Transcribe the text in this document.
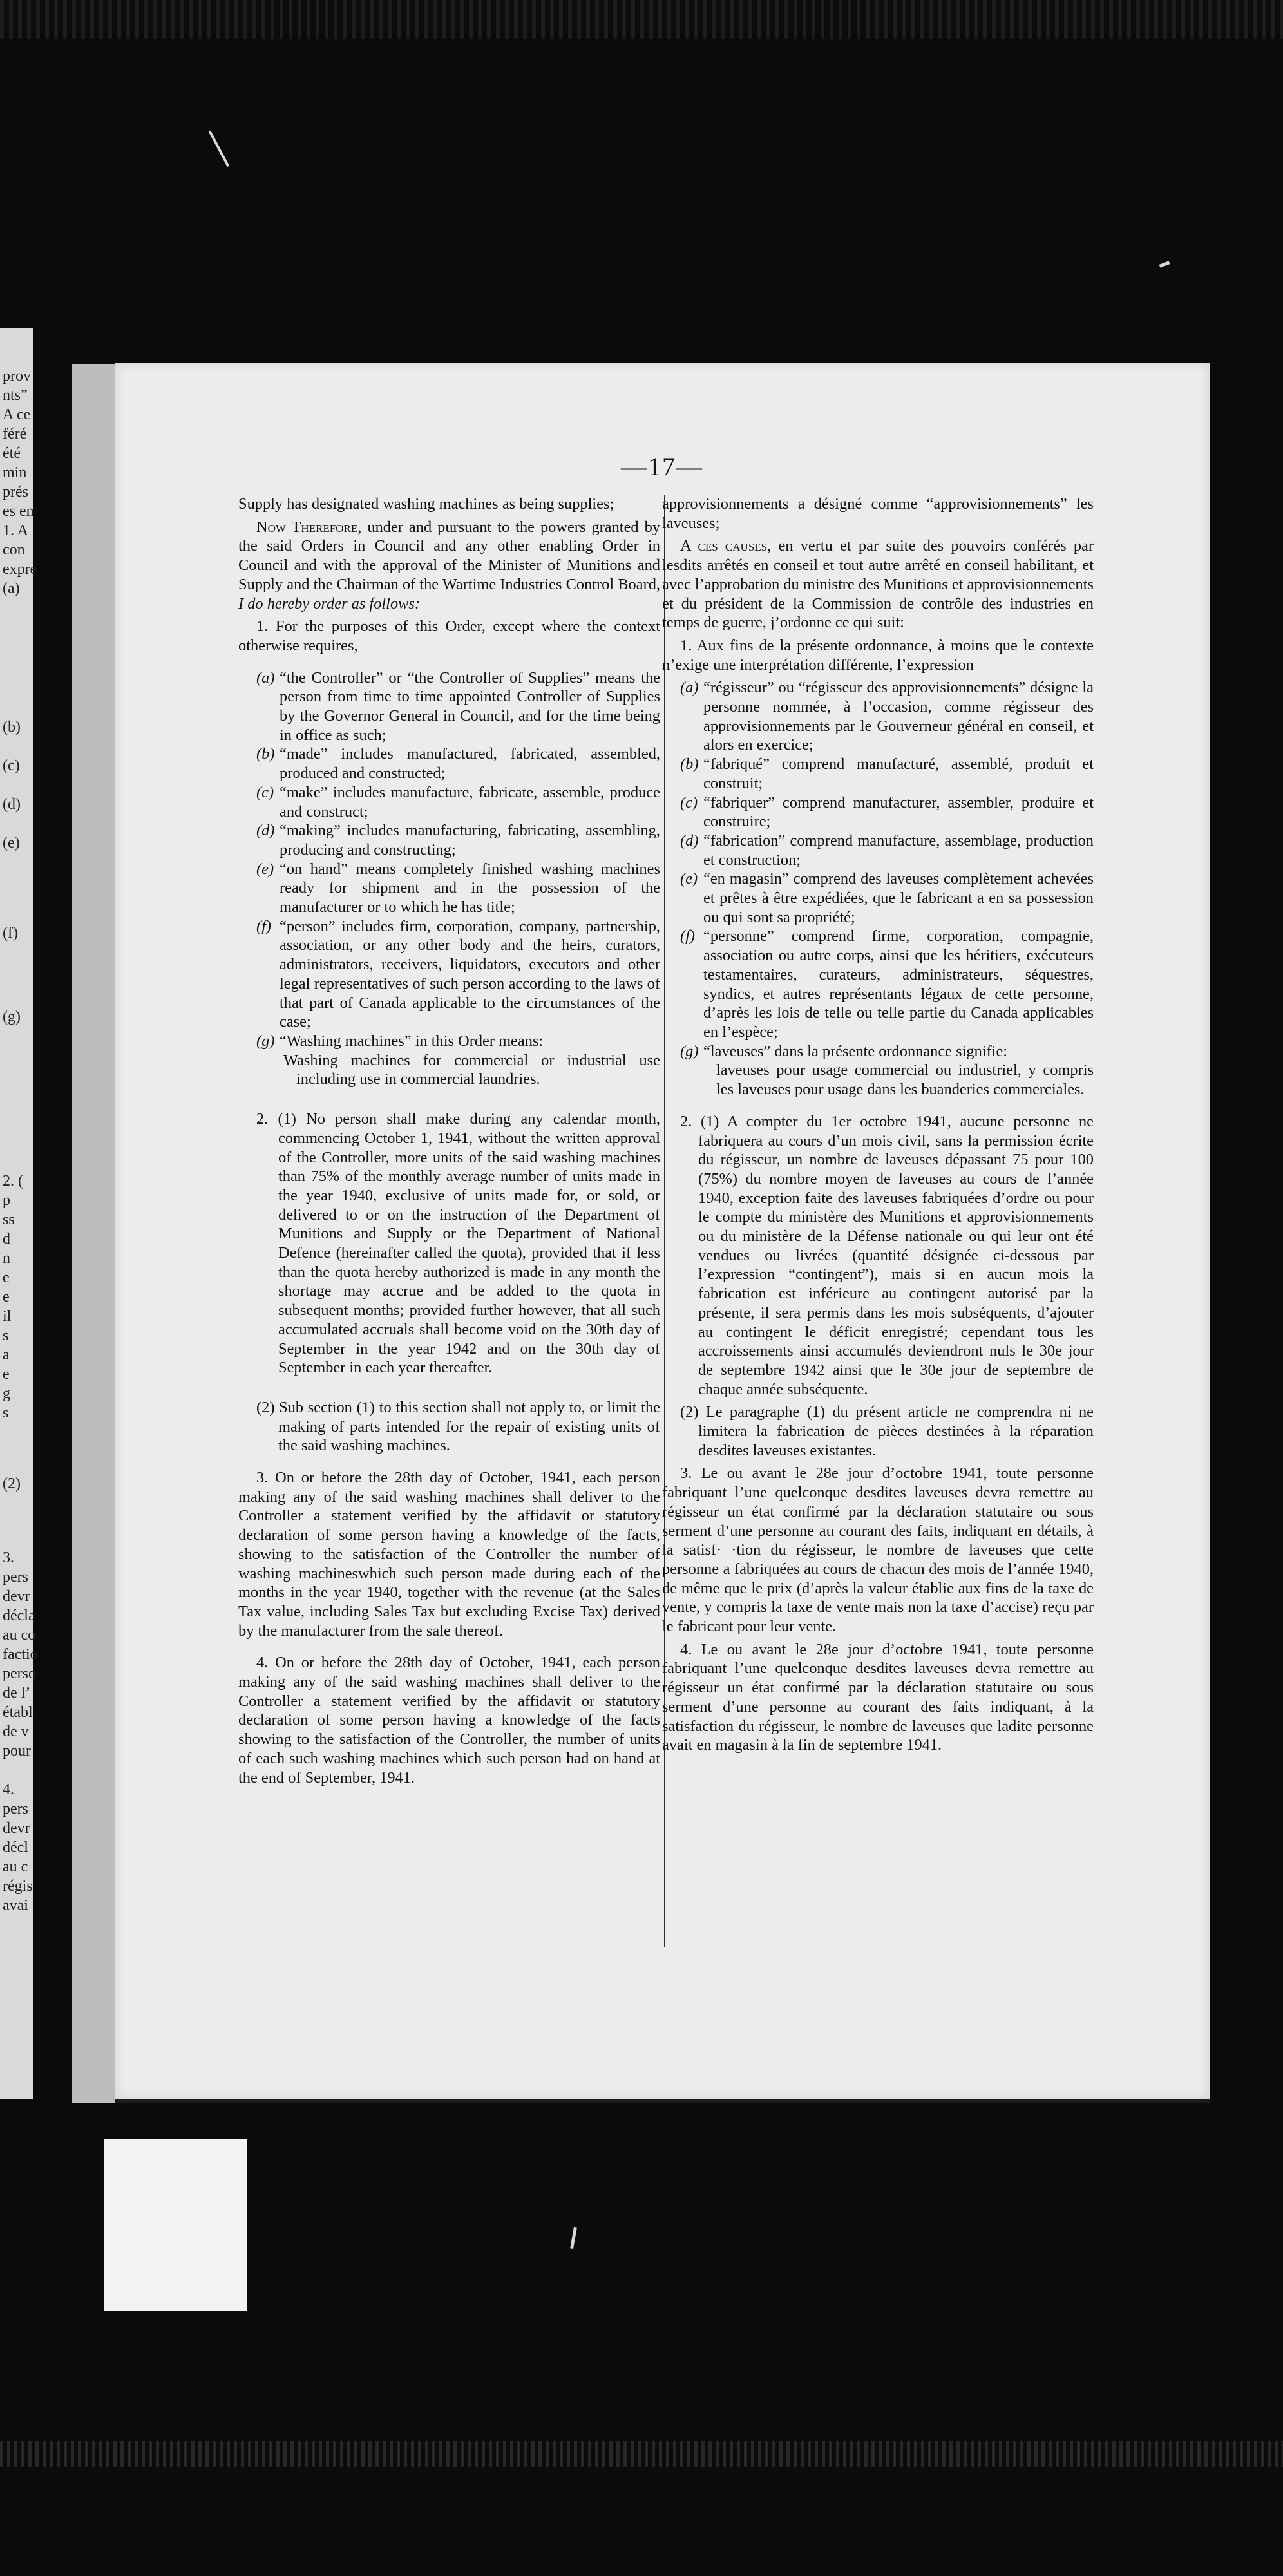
prov
nts”
A ce
féré
été
min
prés
es en
1. A
con
expre
(a)
(b)
(c)
(d)
(e)
(f)
(g)
2. (
p
ss
d
n
e
e
il
s
a
e
g
s
(2)
3.
pers
devr
décla
au co
factio
perso
de l’
établ
de v
pour
4.
pers
devr
décl
au c
régis
avai
—17—

Supply has designated washing machines as being supplies;

Now Therefore, under and pursuant to the powers granted by the said Orders in Council and any other enabling Order in Council and with the approval of the Minister of Munitions and Supply and the Chairman of the Wartime Industries Control Board, I do hereby order as follows:

1. For the purposes of this Order, except where the context otherwise requires,

(a) “the Controller” or “the Controller of Supplies” means the person from time to time appointed Controller of Supplies by the Governor General in Council, and for the time being in office as such;

(b) “made” includes manufactured, fabricated, assembled, produced and constructed;

(c) “make” includes manufacture, fabricate, assemble, produce and construct;

(d) “making” includes manufacturing, fabricating, assembling, producing and constructing;

(e) “on hand” means completely finished washing machines ready for shipment and in the possession of the manufacturer or to which he has title;

(f) “person” includes firm, corporation, company, partnership, association, or any other body and the heirs, curators, administrators, receivers, liquidators, executors and other legal representatives of such person according to the laws of that part of Canada applicable to the circumstances of the case;

(g) “Washing machines” in this Order means:

Washing machines for commercial or industrial use including use in commercial laundries.

2. (1) No person shall make during any calendar month, commencing October 1, 1941, without the written approval of the Controller, more units of the said washing machines than 75% of the monthly average number of units made in the year 1940, exclusive of units made for, or sold, or delivered to or on the instruction of the Department of Munitions and Supply or the Department of National Defence (hereinafter called the quota), provided that if less than the quota hereby authorized is made in any month the shortage may accrue and be added to the quota in subsequent months; provided further however, that all such accumulated accruals shall become void on the 30th day of September in the year 1942 and on the 30th day of September in each year thereafter.

(2) Sub section (1) to this section shall not apply to, or limit the making of parts intended for the repair of existing units of the said washing machines.

3. On or before the 28th day of October, 1941, each person making any of the said washing machines shall deliver to the Controller a statement verified by the affidavit or statutory declaration of some person having a knowledge of the facts, showing to the satisfaction of the Controller the number of washing machineswhich such person made during each of the months in the year 1940, together with the revenue (at the Sales Tax value, including Sales Tax but excluding Excise Tax) derived by the manufacturer from the sale thereof.

4. On or before the 28th day of October, 1941, each person making any of the said washing machines shall deliver to the Controller a statement verified by the affidavit or statutory declaration of some person having a knowledge of the facts showing to the satisfaction of the Controller, the number of units of each such washing machines which such person had on hand at the end of September, 1941.

approvisionnements a désigné comme “approvisionnements” les laveuses;

A ces causes, en vertu et par suite des pouvoirs conférés par lesdits arrêtés en conseil et tout autre arrêté en conseil habilitant, et avec l’approbation du ministre des Munitions et approvisionnements et du président de la Commission de contrôle des industries en temps de guerre, j’ordonne ce qui suit:

1. Aux fins de la présente ordonnance, à moins que le contexte n’exige une interprétation différente, l’expression

(a) “régisseur” ou “régisseur des approvisionnements” désigne la personne nommée, à l’occasion, comme régisseur des approvisionnements par le Gouverneur général en conseil, et alors en exercice;

(b) “fabriqué” comprend manufacturé, assemblé, produit et construit;

(c) “fabriquer” comprend manufacturer, assembler, produire et construire;

(d) “fabrication” comprend manufacture, assemblage, production et construction;

(e) “en magasin” comprend des laveuses complètement achevées et prêtes à être expédiées, que le fabricant a en sa possession ou qui sont sa propriété;

(f) “personne” comprend firme, corporation, compagnie, association ou autre corps, ainsi que les héritiers, exécuteurs testamentaires, curateurs, administrateurs, séquestres, syndics, et autres représentants légaux de cette personne, d’après les lois de telle ou telle partie du Canada applicables en l’espèce;

(g) “laveuses” dans la présente ordonnance signifie:

laveuses pour usage commercial ou industriel, y compris les laveuses pour usage dans les buanderies commerciales.

2. (1) A compter du 1er octobre 1941, aucune personne ne fabriquera au cours d’un mois civil, sans la permission écrite du régisseur, un nombre de laveuses dépassant 75 pour 100 (75%) du nombre moyen de laveuses au cours de l’année 1940, exception faite des laveuses fabriquées d’ordre ou pour le compte du ministère des Munitions et approvisionnements ou du ministère de la Défense nationale ou qui leur ont été vendues ou livrées (quantité désignée ci-dessous par l’expression “contingent”), mais si en aucun mois la fabrication est inférieure au contingent autorisé par la présente, il sera permis dans les mois subséquents, d’ajouter au contingent le déficit enregistré; cependant tous les accroissements ainsi accumulés deviendront nuls le 30e jour de septembre 1942 ainsi que le 30e jour de septembre de chaque année subséquente.

(2) Le paragraphe (1) du présent article ne comprendra ni ne limitera la fabrication de pièces destinées à la réparation desdites laveuses existantes.

3. Le ou avant le 28e jour d’octobre 1941, toute personne fabriquant l’une quelconque desdites laveuses devra remettre au régisseur un état confirmé par la déclaration statutaire ou sous serment d’une personne au courant des faits, indiquant en détails, à la satisf· ·tion du régisseur, le nombre de laveuses que cette personne a fabriquées au cours de chacun des mois de l’année 1940, de même que le prix (d’après la valeur établie aux fins de la taxe de vente, y compris la taxe de vente mais non la taxe d’accise) reçu par le fabricant pour leur vente.

4. Le ou avant le 28e jour d’octobre 1941, toute personne fabriquant l’une quelconque desdites laveuses devra remettre au régisseur un état confirmé par la déclaration statutaire ou sous serment d’une personne au courant des faits indiquant, à la satisfaction du régisseur, le nombre de laveuses que ladite personne avait en magasin à la fin de septembre 1941.
